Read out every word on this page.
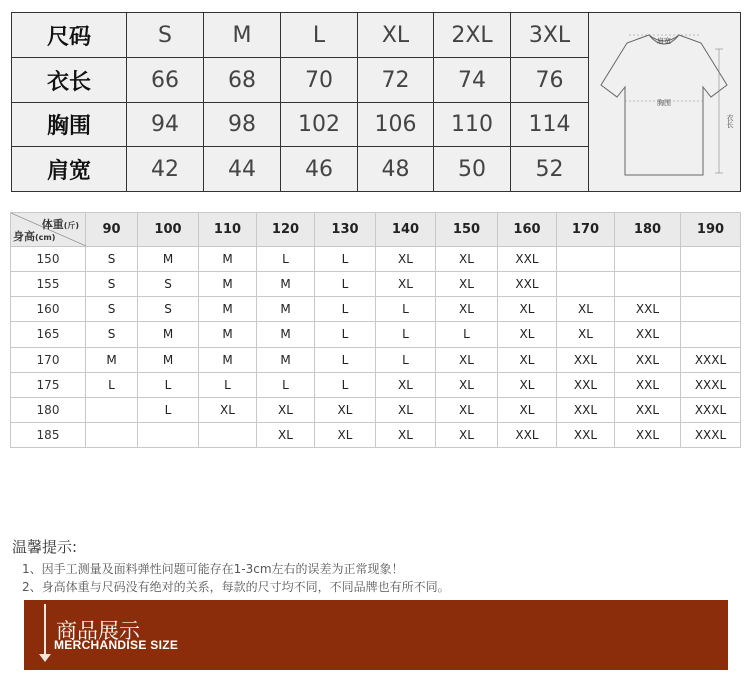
尺码	S	M	L	XL	2XL	3XL
衣长	66	68	70	72	74	76
胸围	94	98	102	106	110	114
肩宽	42	44	46	48	50	52
肩宽
胸围
衣长
体重(斤)
身高(cm)	90	100	110	120	130	140	150	160	170	180	190
150	S	M	M	L	L	XL	XL	XXL			
155	S	S	M	M	L	XL	XL	XXL			
160	S	S	M	M	L	L	XL	XL	XL	XXL	
165	S	M	M	M	L	L	L	XL	XL	XXL	
170	M	M	M	M	L	L	XL	XL	XXL	XXL	XXXL
175	L	L	L	L	L	XL	XL	XL	XXL	XXL	XXXL
180		L	XL	XL	XL	XL	XL	XL	XXL	XXL	XXXL
185				XL	XL	XL	XL	XXL	XXL	XXL	XXXL
温馨提示:
1、因手工测量及面料弹性问题可能存在1-3cm左右的误差为正常现象！
2、身高体重与尺码没有绝对的关系，每款的尺寸均不同，不同品牌也有所不同。
商品展示
MERCHANDISE SIZE
